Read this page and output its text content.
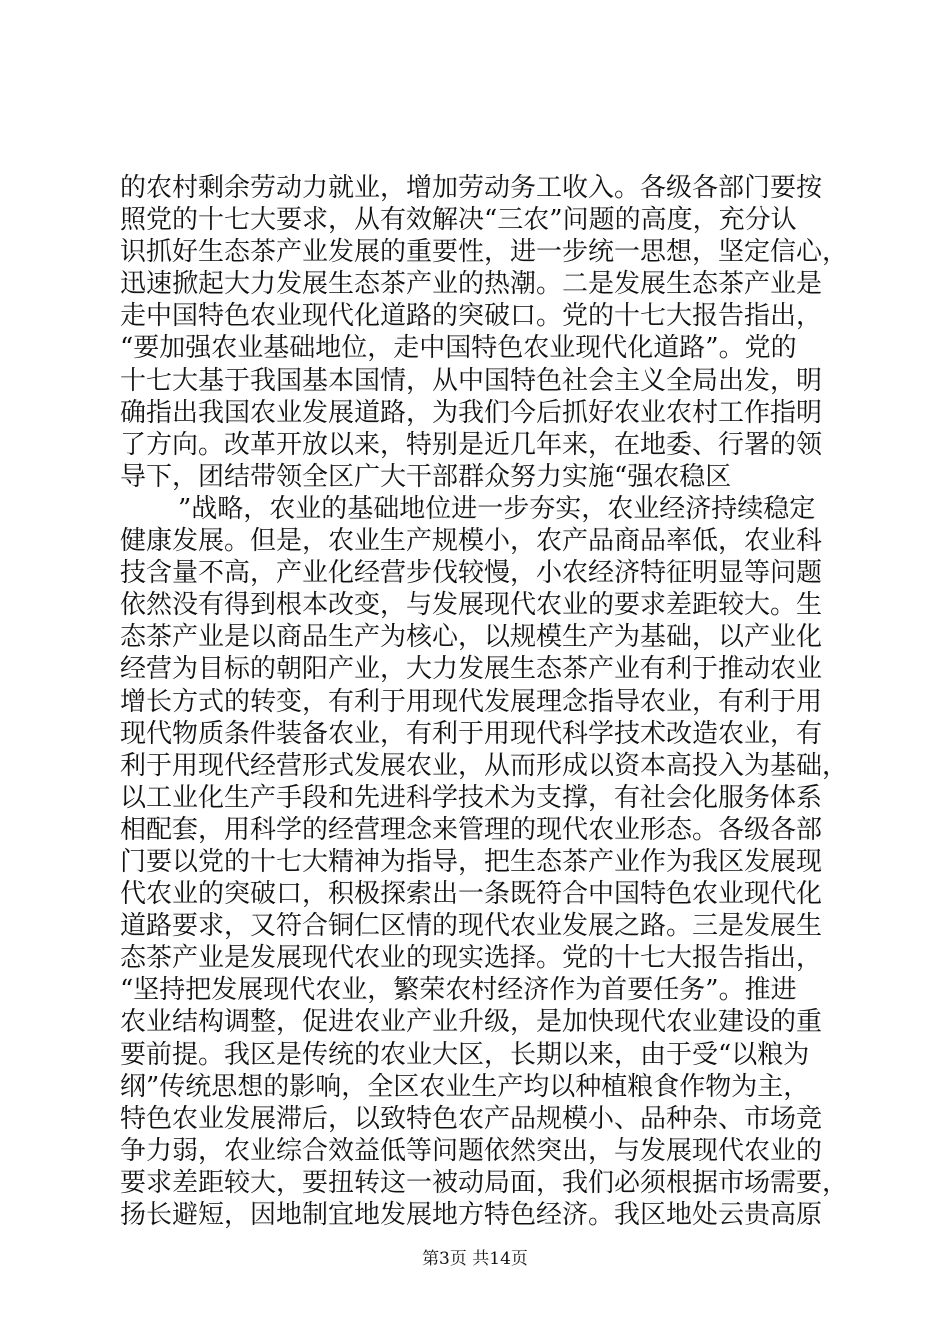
的农村剩余劳动力就业，增加劳动务工收入。各级各部门要按
照党的十七大要求，从有效解决“三农”问题的高度，充分认
识抓好生态茶产业发展的重要性，进一步统一思想，坚定信心，
迅速掀起大力发展生态茶产业的热潮。二是发展生态茶产业是
走中国特色农业现代化道路的突破口。党的十七大报告指出，
“要加强农业基础地位，走中国特色农业现代化道路”。党的
十七大基于我国基本国情，从中国特色社会主义全局出发，明
确指出我国农业发展道路，为我们今后抓好农业农村工作指明
了方向。改革开放以来，特别是近几年来，在地委、行署的领
导下，团结带领全区广大干部群众努力实施“强农稳区
”战略，农业的基础地位进一步夯实，农业经济持续稳定
健康发展。但是，农业生产规模小，农产品商品率低，农业科
技含量不高，产业化经营步伐较慢，小农经济特征明显等问题
依然没有得到根本改变，与发展现代农业的要求差距较大。生
态茶产业是以商品生产为核心，以规模生产为基础，以产业化
经营为目标的朝阳产业，大力发展生态茶产业有利于推动农业
增长方式的转变，有利于用现代发展理念指导农业，有利于用
现代物质条件装备农业，有利于用现代科学技术改造农业，有
利于用现代经营形式发展农业，从而形成以资本高投入为基础，
以工业化生产手段和先进科学技术为支撑，有社会化服务体系
相配套，用科学的经营理念来管理的现代农业形态。各级各部
门要以党的十七大精神为指导，把生态茶产业作为我区发展现
代农业的突破口，积极探索出一条既符合中国特色农业现代化
道路要求，又符合铜仁区情的现代农业发展之路。三是发展生
态茶产业是发展现代农业的现实选择。党的十七大报告指出，
“坚持把发展现代农业，繁荣农村经济作为首要任务”。推进
农业结构调整，促进农业产业升级，是加快现代农业建设的重
要前提。我区是传统的农业大区，长期以来，由于受“以粮为
纲”传统思想的影响，全区农业生产均以种植粮食作物为主，
特色农业发展滞后，以致特色农产品规模小、品种杂、市场竞
争力弱，农业综合效益低等问题依然突出，与发展现代农业的
要求差距较大，要扭转这一被动局面，我们必须根据市场需要，
扬长避短，因地制宜地发展地方特色经济。我区地处云贵高原
第3页 共14页
